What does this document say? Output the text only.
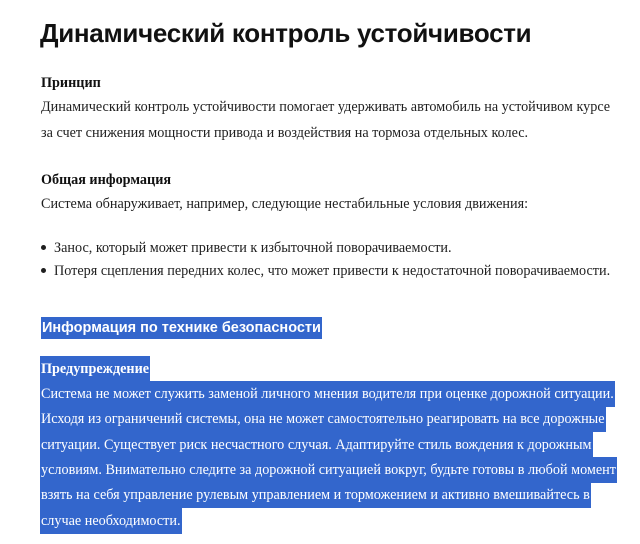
Динамический контроль устойчивости
Принцип
Динамический контроль устойчивости помогает удерживать автомобиль на устойчивом курсе
за счет снижения мощности привода и воздействия на тормоза отдельных колес.
Общая информация
Система обнаруживает, например, следующие нестабильные условия движения:
Занос, который может привести к избыточной поворачиваемости.
Потеря сцепления передних колес, что может привести к недостаточной поворачиваемости.
Информация по технике безопасности
Предупреждение
Система не может служить заменой личного мнения водителя при оценке дорожной ситуации.
Исходя из ограничений системы, она не может самостоятельно реагировать на все дорожные
ситуации. Существует риск несчастного случая. Адаптируйте стиль вождения к дорожным
условиям. Внимательно следите за дорожной ситуацией вокруг, будьте готовы в любой момент
взять на себя управление рулевым управлением и торможением и активно вмешивайтесь в
случае необходимости.
